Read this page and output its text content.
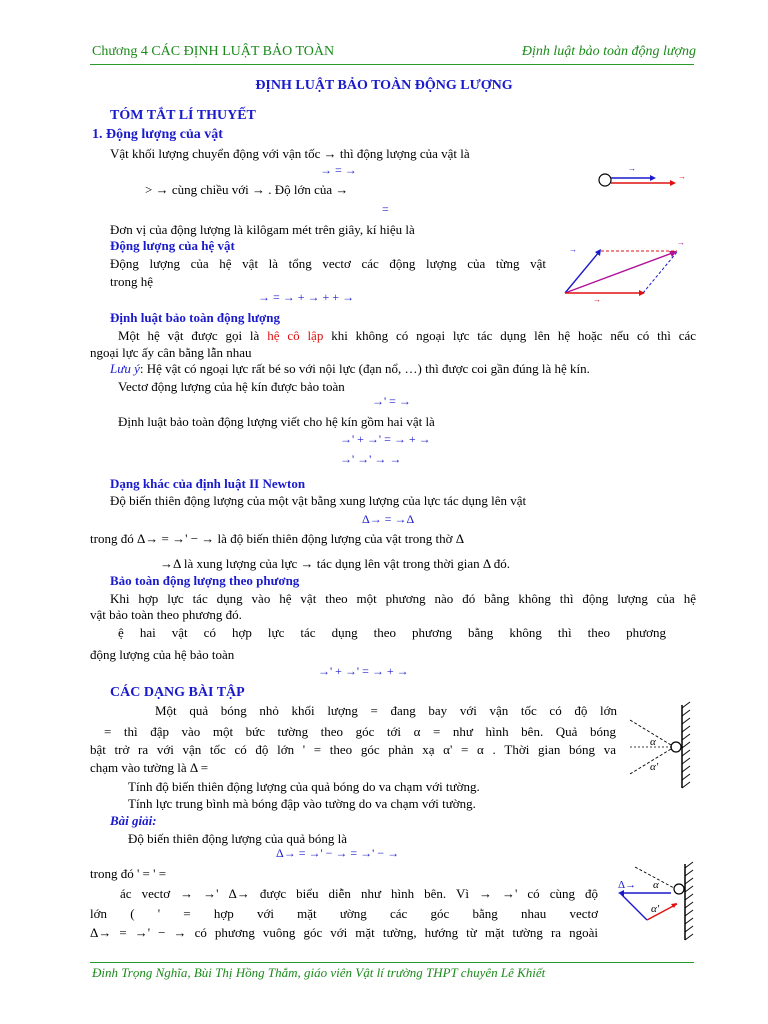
Chương 4 CÁC ĐỊNH LUẬT BẢO TOÀN	Định luật bảo toàn động lượng
ĐỊNH LUẬT BẢO TOÀN ĐỘNG LƯỢNG
TÓM TẮT LÍ THUYẾT
1. Động lượng của vật
Vật khối lượng chuyển động với vận tốc → thì động lượng của vật là
→ = →
> → cùng chiều với → . Độ lớn của →
=
Đơn vị của động lượng là kilôgam mét trên giây, kí hiệu là
→
→
Động lượng của hệ vật
Động lượng của hệ vật là tổng vectơ các động lượng của từng vật
trong hệ
→ = → + → + + →
→
→
→
Định luật bảo toàn động lượng
Một hệ vật được gọi là hệ cô lập khi không có ngoại lực tác dụng lên hệ hoặc nếu có thì các
ngoại lực ấy cân bằng lẫn nhau
Lưu ý: Hệ vật có ngoại lực rất bé so với nội lực (đạn nổ, …) thì được coi gần đúng là hệ kín.
Vectơ động lượng của hệ kín được bảo toàn
→' = →
Định luật bảo toàn động lượng viết cho hệ kín gồm hai vật là
→' + →' = → + →
→' →' → →
Dạng khác của định luật II Newton
Độ biến thiên động lượng của một vật bằng xung lượng của lực tác dụng lên vật
Δ→ = →Δ
trong đó Δ→ = →' − → là độ biến thiên động lượng của vật trong thờ Δ
→Δ là xung lượng của lực → tác dụng lên vật trong thời gian Δ đó.
Bảo toàn động lượng theo phương
Khi hợp lực tác dụng vào hệ vật theo một phương nào đó bằng không thì động lượng của hệ
vật bảo toàn theo phương đó.
ệ hai vật có hợp lực tác dụng theo phương bằng không thì theo phương
động lượng của hệ bảo toàn
→' + →' = → + →
CÁC DẠNG BÀI TẬP
Một quả bóng nhỏ khối lượng = đang bay với vận tốc có độ lớn
= thì đập vào một bức tường theo góc tới α = như hình bên. Quả bóng
bật trở ra với vận tốc có độ lớn ' = theo góc phản xạ α' = α . Thời gian bóng va
chạm vào tường là Δ =
Tính độ biến thiên động lượng của quả bóng do va chạm với tường.
Tính lực trung bình mà bóng đập vào tường do va chạm với tường.
Bài giải:
Độ biến thiên động lượng của quả bóng là
Δ→ = →' − → = →' − →
trong đó ' = ' =
ác vectơ → →' Δ→ được biểu diễn như hình bên. Vì → →' có cùng độ
lớn ( ' = hợp với mặt ường các góc bằng nhau vectơ
Δ→ = →' − → có phương vuông góc với mặt tường, hướng từ mặt tường ra ngoài
α
α'
Δ→ α
α'
Đinh Trọng Nghĩa, Bùi Thị Hồng Thắm, giáo viên Vật lí trường THPT chuyên Lê Khiết
